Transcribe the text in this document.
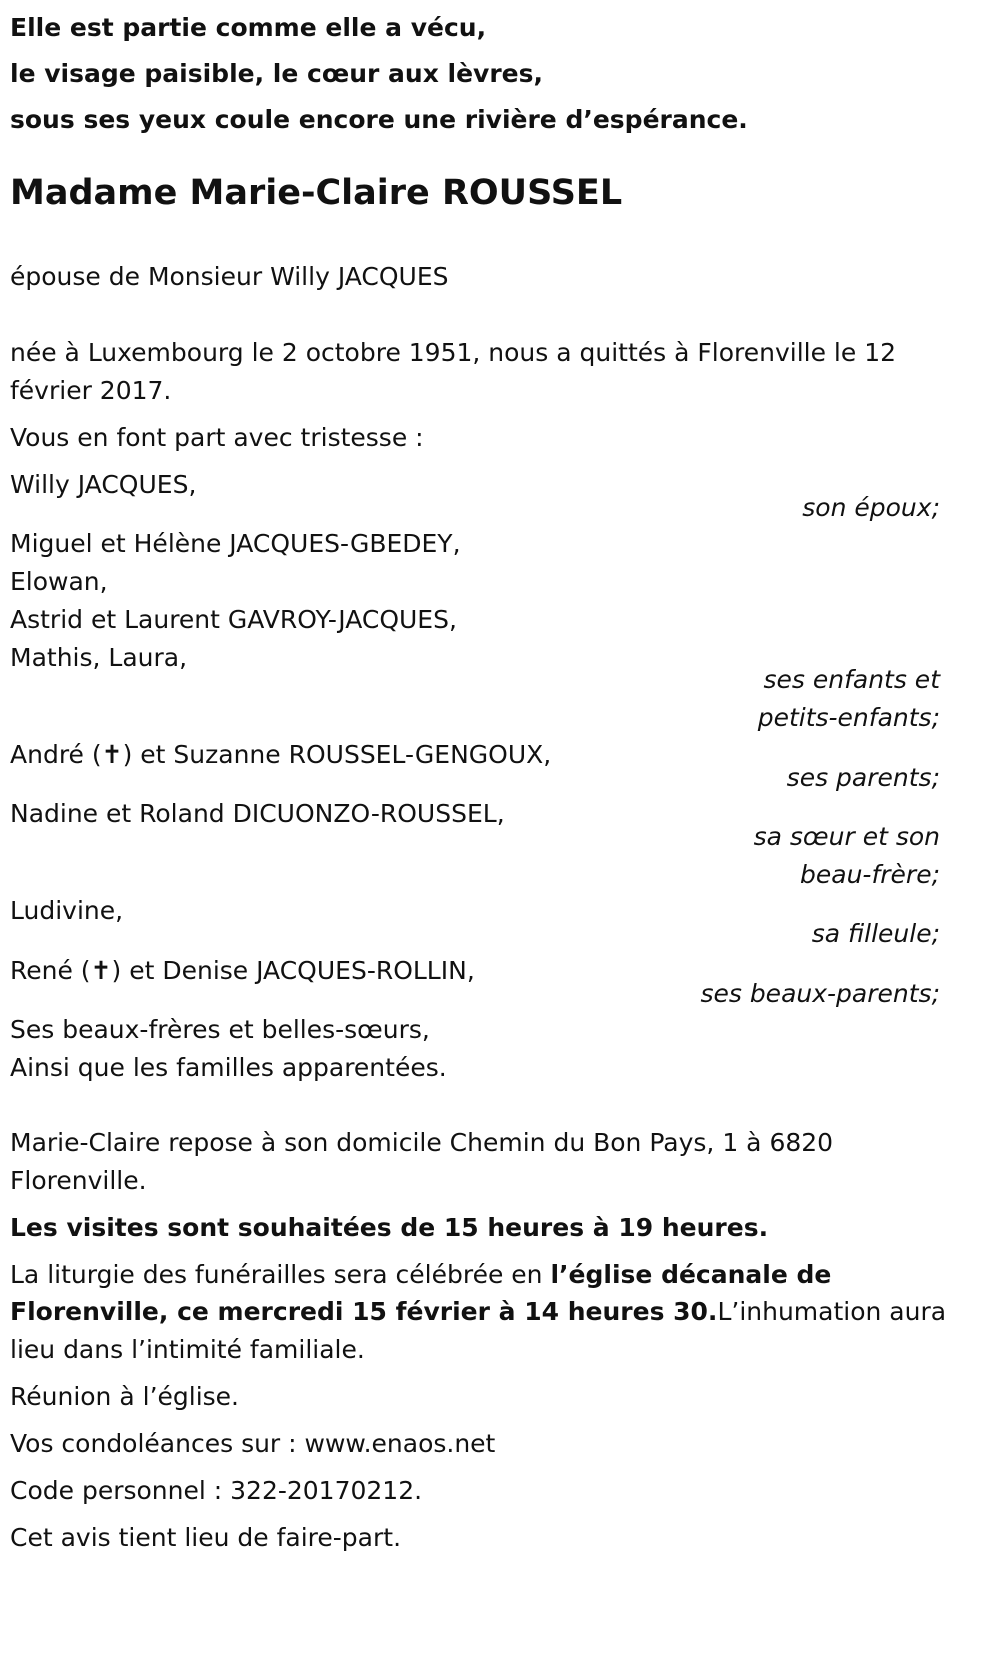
Elle est partie comme elle a vécu,
le visage paisible, le cœur aux lèvres,
sous ses yeux coule encore une rivière d’espérance.
Madame Marie-Claire ROUSSEL
épouse de Monsieur Willy JACQUES
née à Luxembourg le 2 octobre 1951, nous a quittés à Florenville le 12
février 2017.
Vous en font part avec tristesse :
Willy JACQUES,
son époux;
Miguel et Hélène JACQUES-GBEDEY,
Elowan,
Astrid et Laurent GAVROY-JACQUES,
Mathis, Laura,
ses enfants et
petits-enfants;
André (✝) et Suzanne ROUSSEL-GENGOUX,
ses parents;
Nadine et Roland DICUONZO-ROUSSEL,
sa sœur et son
beau-frère;
Ludivine,
sa filleule;
René (✝) et Denise JACQUES-ROLLIN,
ses beaux-parents;
Ses beaux-frères et belles-sœurs,
Ainsi que les familles apparentées.
Marie-Claire repose à son domicile Chemin du Bon Pays, 1 à 6820
Florenville.
Les visites sont souhaitées de 15 heures à 19 heures.
La liturgie des funérailles sera célébrée en l’église décanale de
Florenville, ce mercredi 15 février à 14 heures 30.L’inhumation aura
lieu dans l’intimité familiale.
Réunion à l’église.
Vos condoléances sur : www.enaos.net
Code personnel : 322-20170212.
Cet avis tient lieu de faire-part.
